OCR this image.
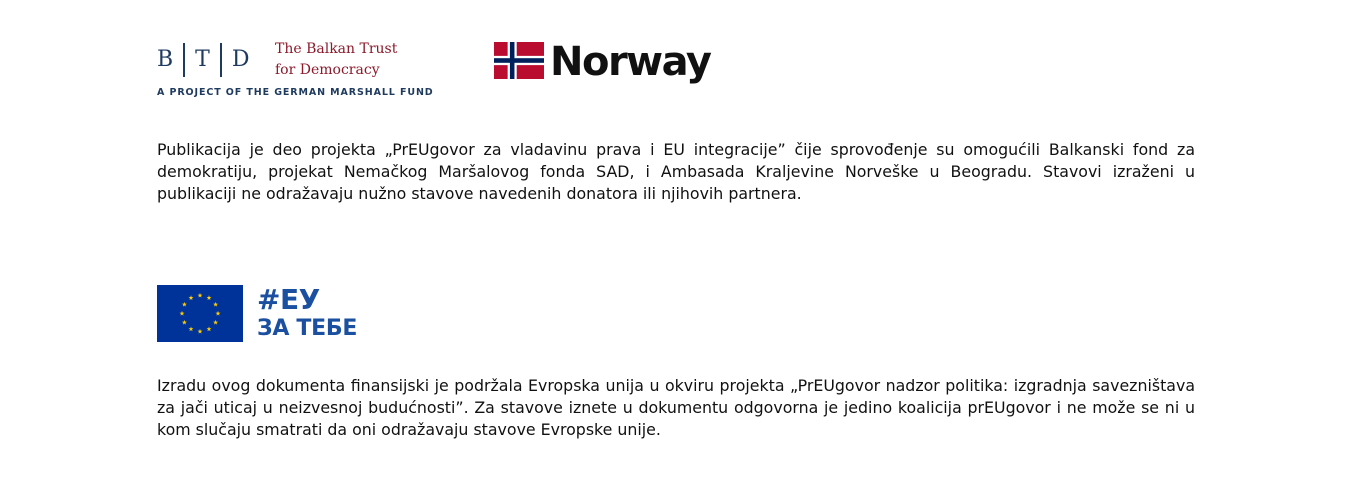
B T D The Balkan Trust
for Democracy
A PROJECT OF THE GERMAN MARSHALL FUND
Norway

Publikacija je deo projekta „PrEUgovor za vladavinu prava i EU integracije” čije sprovođenje su omogućili Balkanski fond za demokratiju, projekat Nemačkog Maršalovog fonda SAD, i Ambasada Kraljevine Norveške u Beogradu. Stavovi izraženi u publikaciji ne odražavaju nužno stavove navedenih donatora ili njihovih partnera.

#ЕУ
ЗА ТЕБЕ

Izradu ovog dokumenta finansijski je podržala Evropska unija u okviru projekta „PrEUgovor nadzor politika: izgradnja savezništava za jači uticaj u neizvesnoj budućnosti”. Za stavove iznete u dokumentu odgovorna je jedino koalicija prEUgovor i ne može se ni u kom slučaju smatrati da oni odražavaju stavove Evropske unije.
